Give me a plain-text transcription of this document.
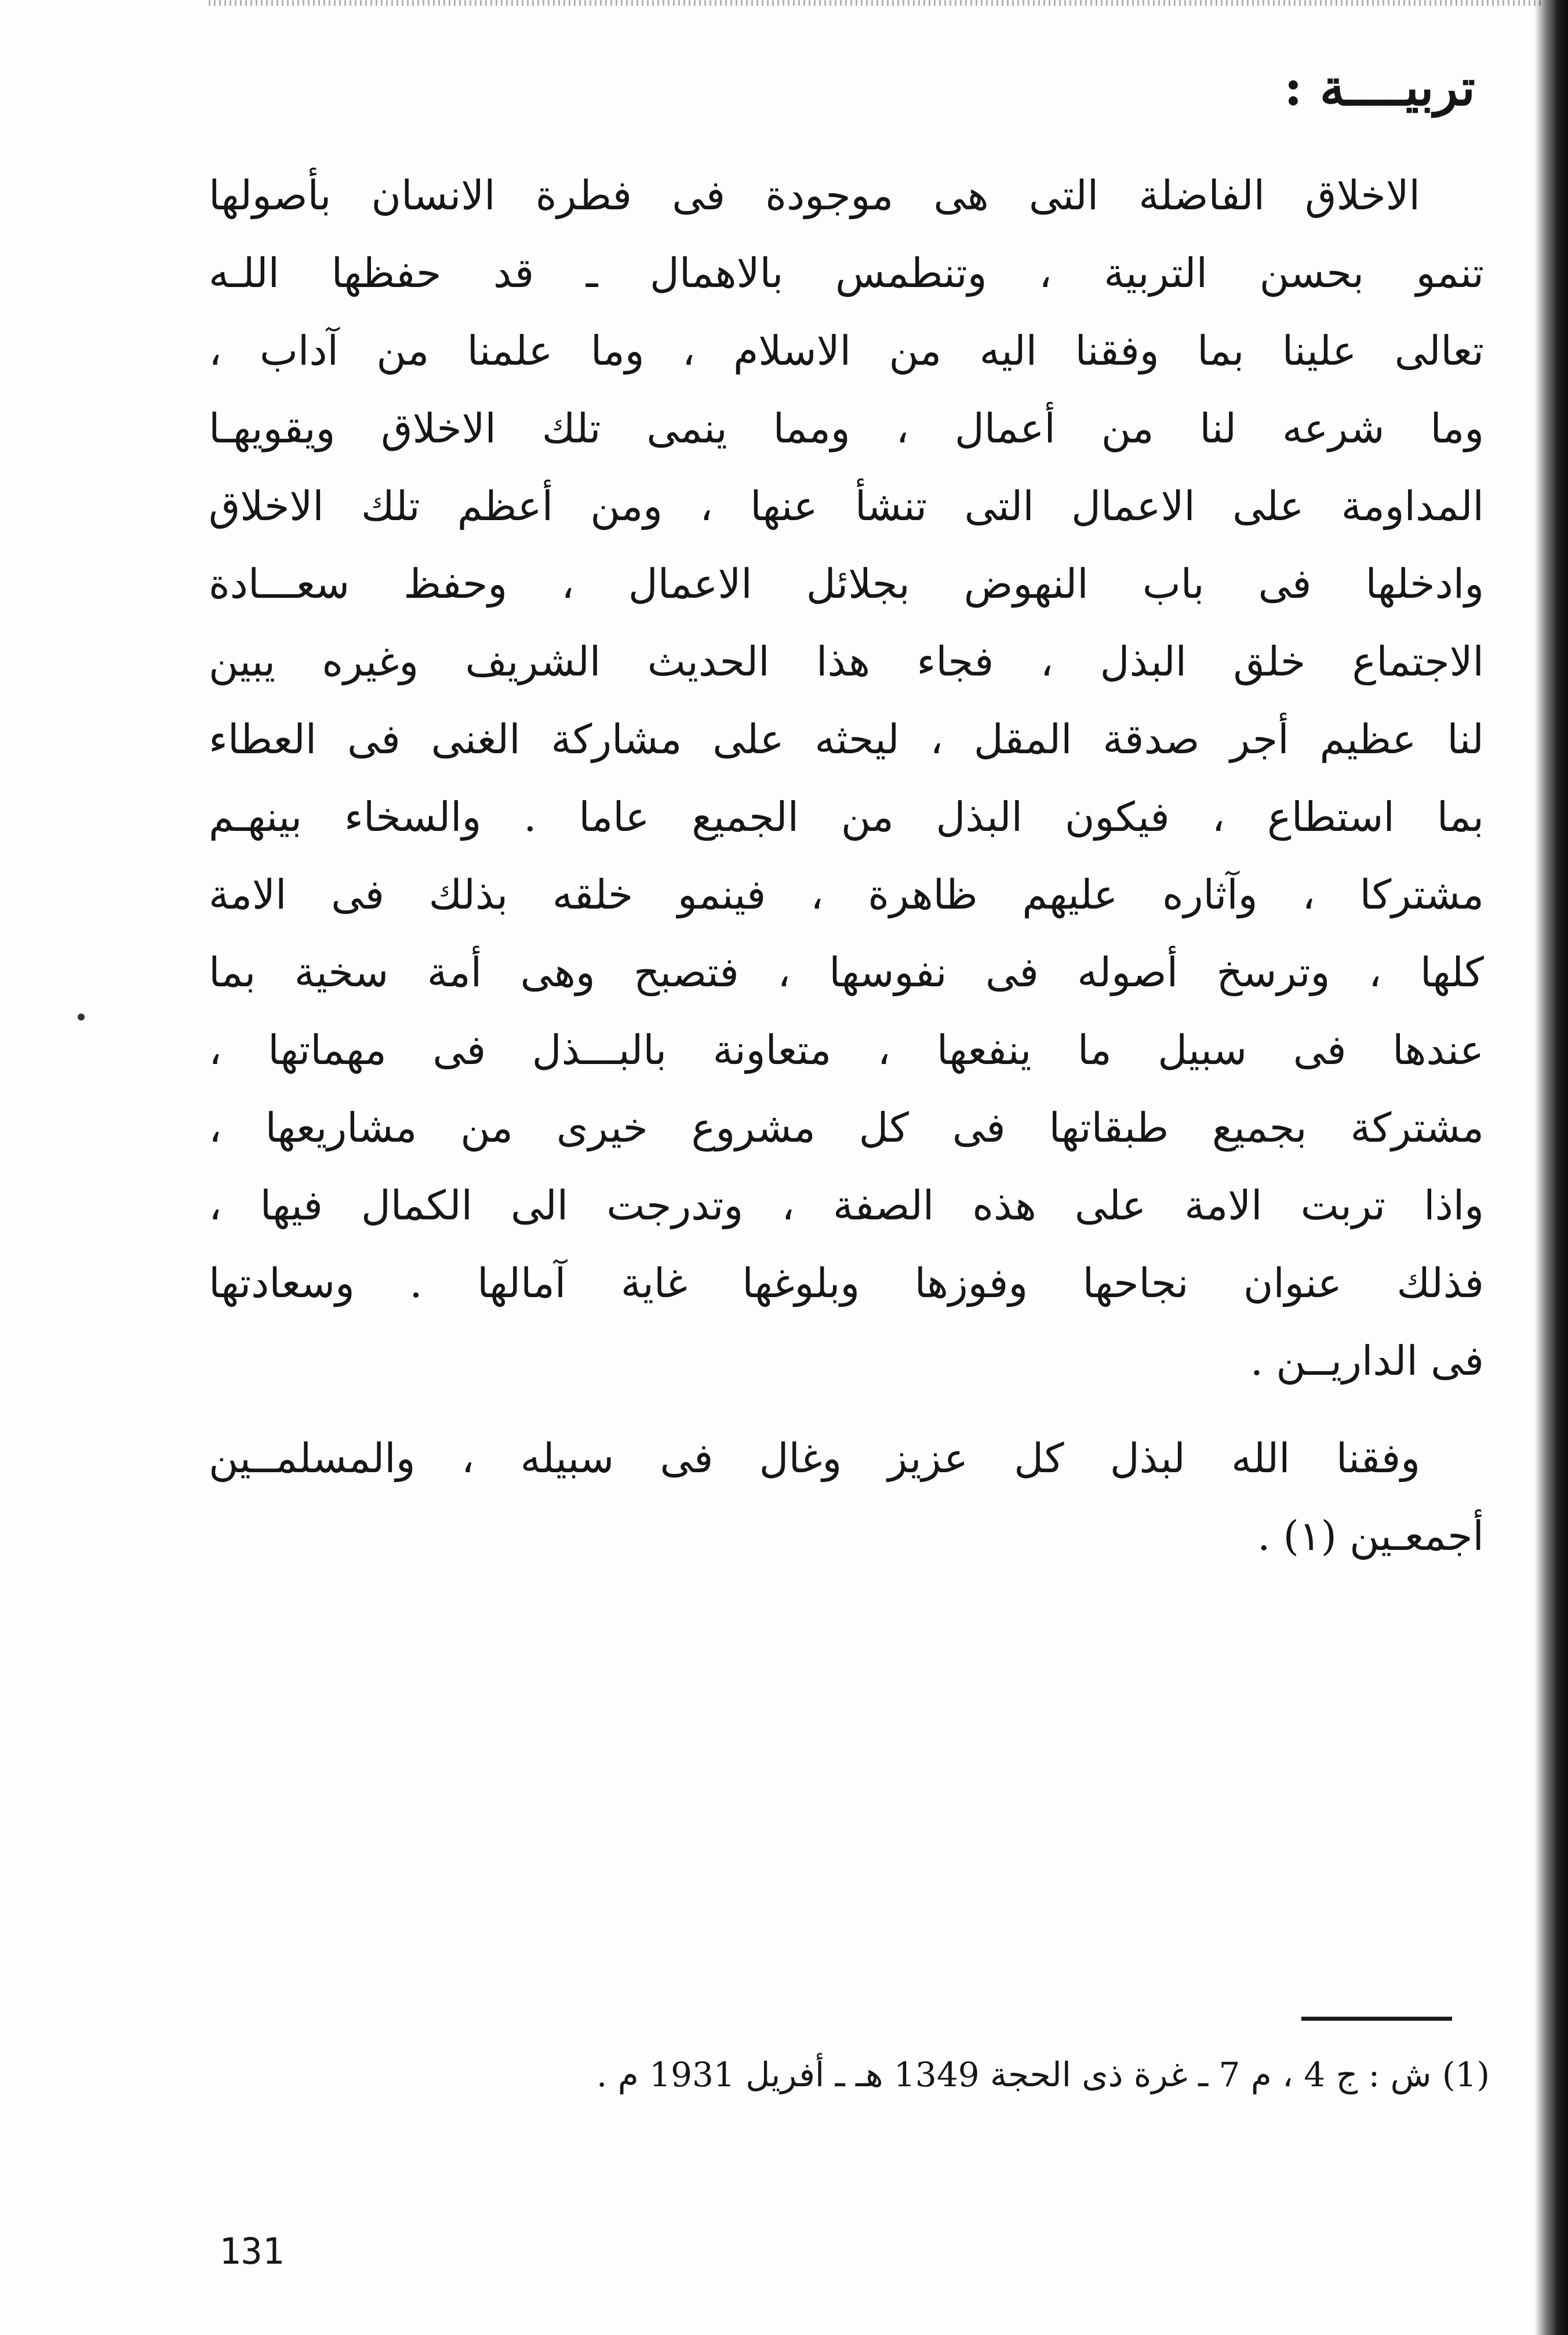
تربيــــة :
الاخلاق الفاضلة التى هى موجودة فى فطرة الانسان بأصولها
تنمو بحسن التربية ، وتنطمس بالاهمال ـ قد حفظها اللـه
تعالى علينا بما وفقنا اليه من الاسلام ، وما علمنا من آداب ،
وما شرعه لنا من أعمال ، ومما ينمى تلك الاخلاق ويقويهـا
المداومة على الاعمال التى تنشأ عنها ، ومن أعظم تلك الاخلاق
وادخلها فى باب النهوض بجلائل الاعمال ، وحفظ سعـــادة
الاجتماع خلق البذل ، فجاء هذا الحديث الشريف وغيره يبين
لنا عظيم أجر صدقة المقل ، ليحثه على مشاركة الغنى فى العطاء
بما استطاع ، فيكون البذل من الجميع عاما . والسخاء بينهـم
مشتركا ، وآثاره عليهم ظاهرة ، فينمو خلقه بذلك فى الامة
كلها ، وترسخ أصوله فى نفوسها ، فتصبح وهى أمة سخية بما
عندها فى سبيل ما ينفعها ، متعاونة بالبـــذل فى مهماتها ،
مشتركة بجميع طبقاتها فى كل مشروع خيرى من مشاريعها ،
واذا تربت الامة على هذه الصفة ، وتدرجت الى الكمال فيها ،
فذلك عنوان نجاحها وفوزها وبلوغها غاية آمالها . وسعادتها
فى الداريــن .
وفقنا الله لبذل كل عزيز وغال فى سبيله ، والمسلمــين
أجمعـين (١) .
(1) ش : ج 4 ، م 7 ـ غرة ذى الحجة 1349 هـ ـ أفريل 1931 م .
131
